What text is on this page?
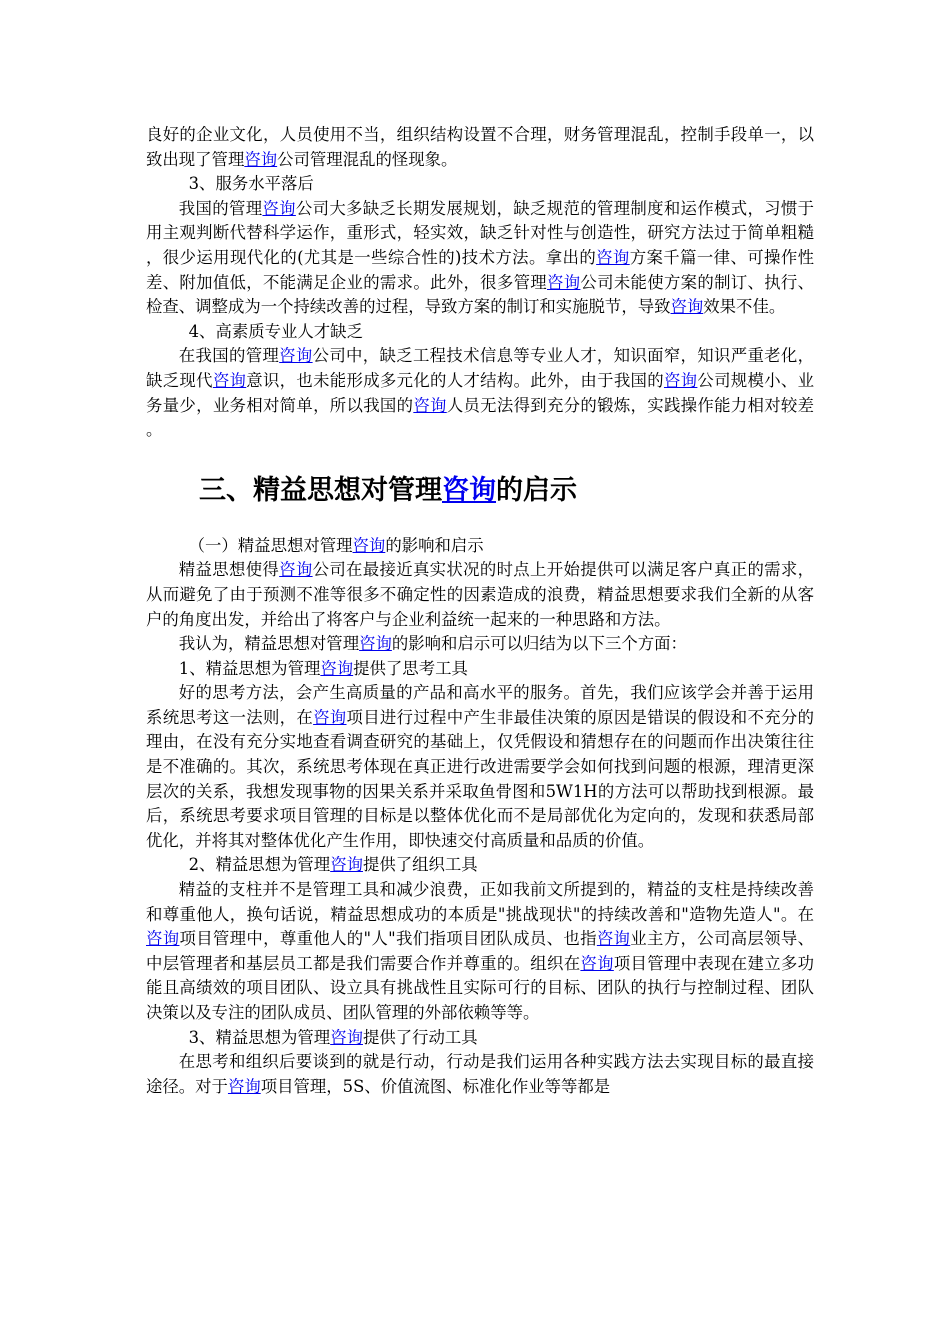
良好的企业文化，人员使用不当，组织结构设置不合理，财务管理混乱，控制手段单一，以致出现了管理咨询公司管理混乱的怪现象。

3、服务水平落后

我国的管理咨询公司大多缺乏长期发展规划，缺乏规范的管理制度和运作模式，习惯于用主观判断代替科学运作，重形式，轻实效，缺乏针对性与创造性，研究方法过于简单粗糙，很少运用现代化的(尤其是一些综合性的)技术方法。拿出的咨询方案千篇一律、可操作性差、附加值低，不能满足企业的需求。此外，很多管理咨询公司未能使方案的制订、执行、检查、调整成为一个持续改善的过程，导致方案的制订和实施脱节，导致咨询效果不佳。

4、高素质专业人才缺乏

在我国的管理咨询公司中，缺乏工程技术信息等专业人才，知识面窄，知识严重老化，缺乏现代咨询意识，也未能形成多元化的人才结构。此外，由于我国的咨询公司规模小、业务量少，业务相对简单，所以我国的咨询人员无法得到充分的锻炼，实践操作能力相对较差。

三、精益思想对管理咨询的启示

（一）精益思想对管理咨询的影响和启示

精益思想使得咨询公司在最接近真实状况的时点上开始提供可以满足客户真正的需求，从而避免了由于预测不准等很多不确定性的因素造成的浪费，精益思想要求我们全新的从客户的角度出发，并给出了将客户与企业利益统一起来的一种思路和方法。

我认为，精益思想对管理咨询的影响和启示可以归结为以下三个方面：

1、精益思想为管理咨询提供了思考工具

好的思考方法，会产生高质量的产品和高水平的服务。首先，我们应该学会并善于运用系统思考这一法则，在咨询项目进行过程中产生非最佳决策的原因是错误的假设和不充分的理由，在没有充分实地查看调查研究的基础上，仅凭假设和猜想存在的问题而作出决策往往是不准确的。其次，系统思考体现在真正进行改进需要学会如何找到问题的根源，理清更深层次的关系，我想发现事物的因果关系并采取鱼骨图和5W1H的方法可以帮助找到根源。最后，系统思考要求项目管理的目标是以整体优化而不是局部优化为定向的，发现和获悉局部优化，并将其对整体优化产生作用，即快速交付高质量和品质的价值。

2、精益思想为管理咨询提供了组织工具

精益的支柱并不是管理工具和减少浪费，正如我前文所提到的，精益的支柱是持续改善和尊重他人，换句话说，精益思想成功的本质是"挑战现状"的持续改善和"造物先造人"。在咨询项目管理中，尊重他人的"人"我们指项目团队成员、也指咨询业主方，公司高层领导、中层管理者和基层员工都是我们需要合作并尊重的。组织在咨询项目管理中表现在建立多功能且高绩效的项目团队、设立具有挑战性且实际可行的目标、团队的执行与控制过程、团队决策以及专注的团队成员、团队管理的外部依赖等等。

3、精益思想为管理咨询提供了行动工具

在思考和组织后要谈到的就是行动，行动是我们运用各种实践方法去实现目标的最直接途径。对于咨询项目管理，5S、价值流图、标准化作业等等都是
